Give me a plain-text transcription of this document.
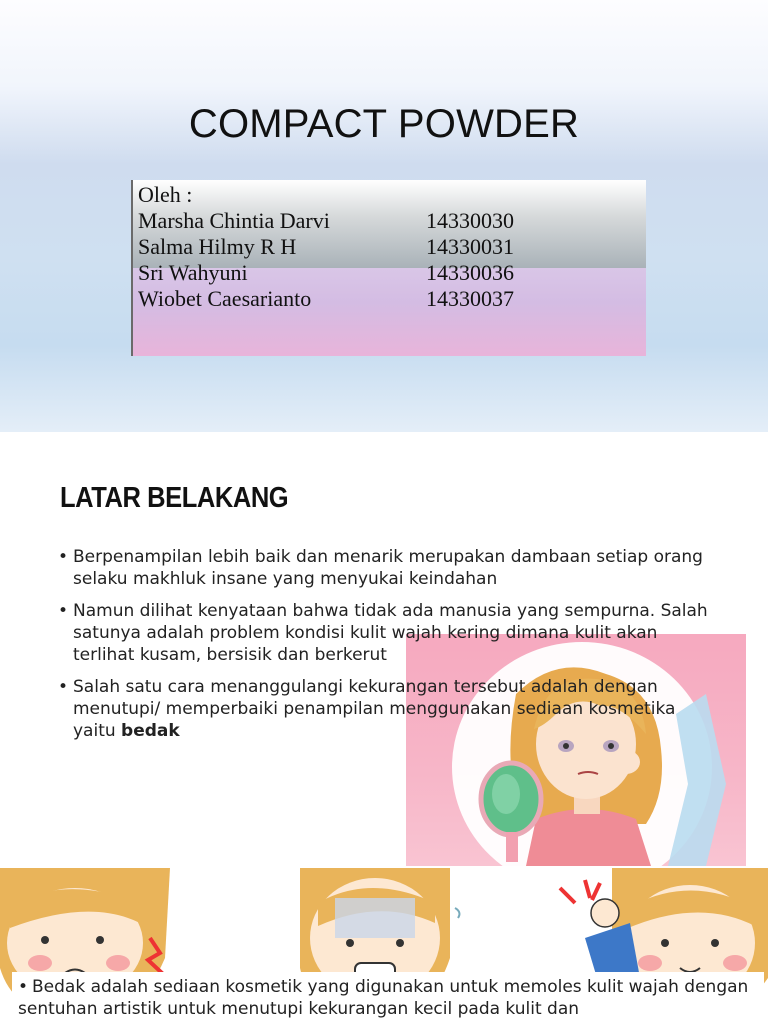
COMPACT POWDER
Oleh :
Marsha Chintia Darvi	14330030
Salma Hilmy R H	14330031
Sri Wahyuni	14330036
Wiobet Caesarianto	14330037
LATAR BELAKANG
• Berpenampilan lebih baik dan menarik merupakan dambaan setiap orang selaku makhluk insane yang menyukai keindahan
• Namun dilihat kenyataan bahwa tidak ada manusia yang sempurna. Salah satunya adalah problem kondisi kulit wajah kering dimana kulit akan terlihat kusam, bersisik dan berkerut
• Salah satu cara menanggulangi kekurangan tersebut adalah dengan menutupi/ memperbaiki penampilan menggunakan sediaan kosmetika yaitu bedak
• Bedak adalah sediaan kosmetik yang digunakan untuk memoles kulit wajah dengan sentuhan artistik untuk menutupi kekurangan kecil pada kulit dan
